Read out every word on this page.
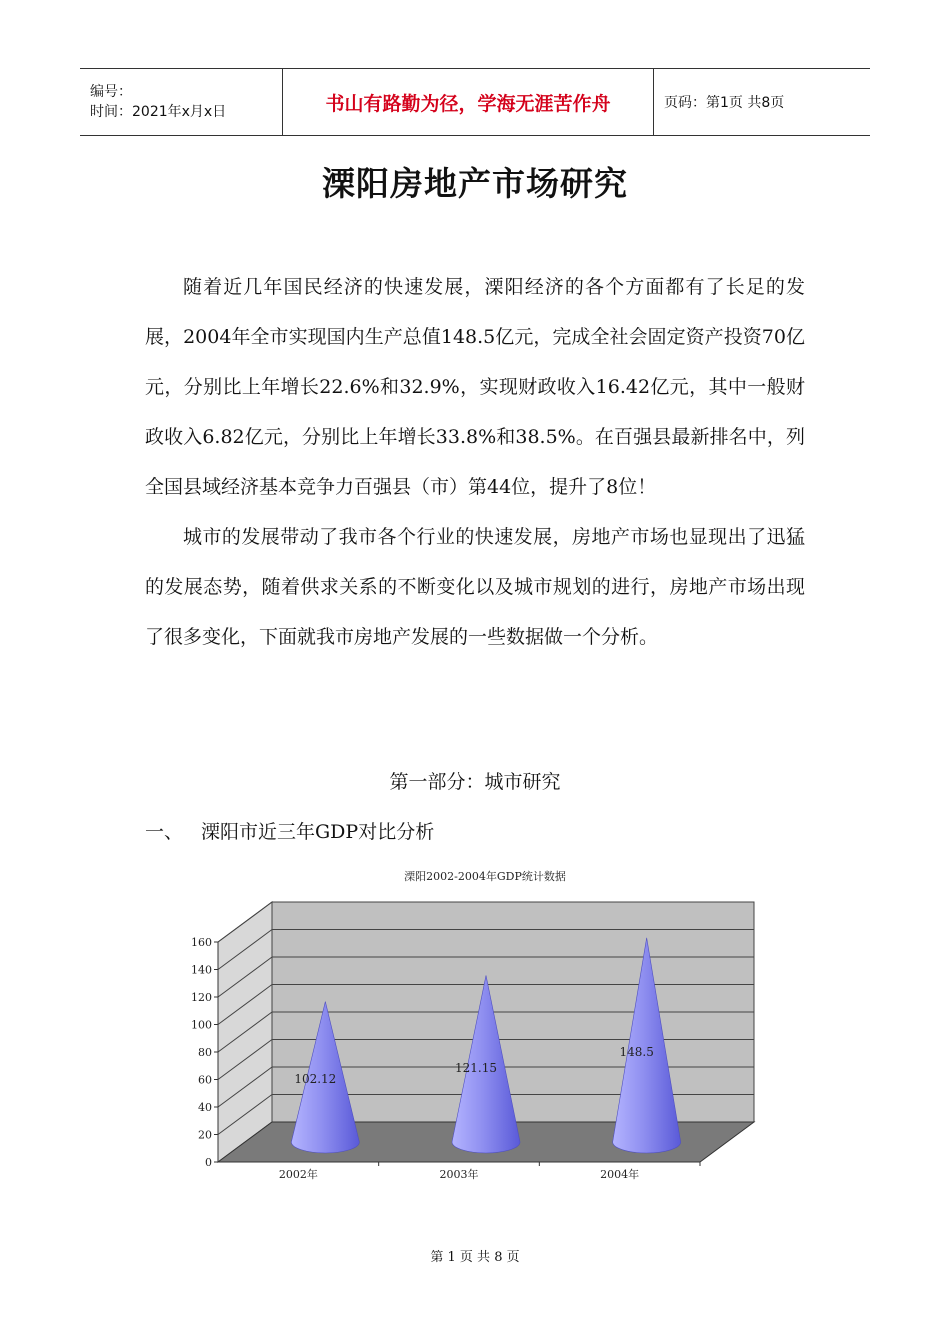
编号：
时间：2021年x月x日	书山有路勤为径，学海无涯苦作舟	页码：第1页 共8页
溧阳房地产市场研究

随着近几年国民经济的快速发展，溧阳经济的各个方面都有了长足的发展，2004年全市实现国内生产总值148.5亿元，完成全社会固定资产投资70亿元，分别比上年增长22.6%和32.9%，实现财政收入16.42亿元，其中一般财政收入6.82亿元，分别比上年增长33.8%和38.5%。在百强县最新排名中，列全国县域经济基本竞争力百强县（市）第44位，提升了8位！

城市的发展带动了我市各个行业的快速发展，房地产市场也显现出了迅猛的发展态势，随着供求关系的不断变化以及城市规划的进行，房地产市场出现了很多变化，下面就我市房地产发展的一些数据做一个分析。

第一部分：城市研究
一、 溧阳市近三年GDP对比分析
0
20
40
60
80
100
120
140
160
102.12
2002年
121.15
2003年
148.5
2004年
溧阳2002-2004年GDP统计数据
第 1 页 共 8 页
